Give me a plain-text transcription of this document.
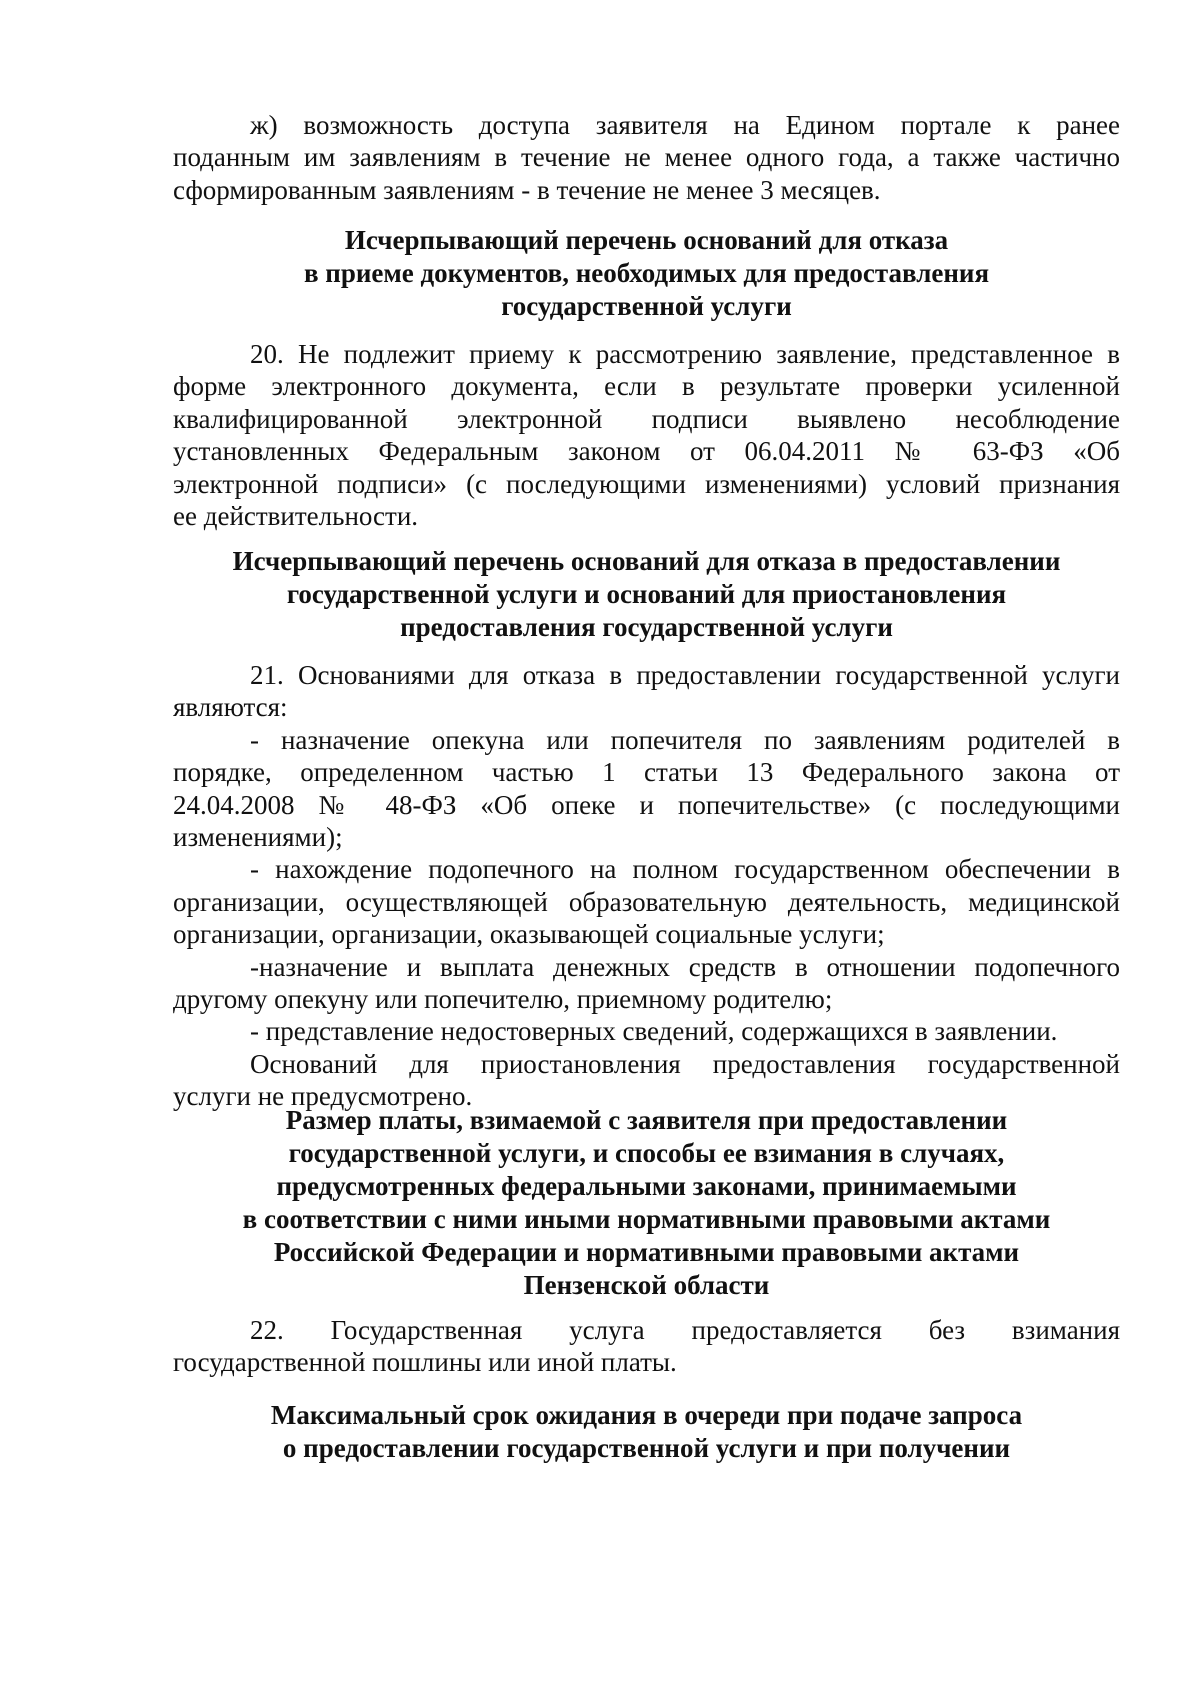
ж) возможность доступа заявителя на Едином портале к ранее
поданным им заявлениям в течение не менее одного года, а также частично
сформированным заявлениям - в течение не менее 3 месяцев.
Исчерпывающий перечень оснований для отказа
в приеме документов, необходимых для предоставления
государственной услуги
20. Не подлежит приему к рассмотрению заявление, представленное в
форме электронного документа, если в результате проверки усиленной
квалифицированной электронной подписи выявлено несоблюдение
установленных Федеральным законом от 06.04.2011 № 63-ФЗ «Об
электронной подписи» (с последующими изменениями) условий признания
ее действительности.
Исчерпывающий перечень оснований для отказа в предоставлении
государственной услуги и оснований для приостановления
предоставления государственной услуги
21. Основаниями для отказа в предоставлении государственной услуги
являются:
- назначение опекуна или попечителя по заявлениям родителей в
порядке, определенном частью 1 статьи 13 Федерального закона от
24.04.2008 № 48-ФЗ «Об опеке и попечительстве» (с последующими
изменениями);
- нахождение подопечного на полном государственном обеспечении в
организации, осуществляющей образовательную деятельность, медицинской
организации, организации, оказывающей социальные услуги;
-назначение и выплата денежных средств в отношении подопечного
другому опекуну или попечителю, приемному родителю;
- представление недостоверных сведений, содержащихся в заявлении.
Оснований для приостановления предоставления государственной
услуги не предусмотрено.
Размер платы, взимаемой с заявителя при предоставлении
государственной услуги, и способы ее взимания в случаях,
предусмотренных федеральными законами, принимаемыми
в соответствии с ними иными нормативными правовыми актами
Российской Федерации и нормативными правовыми актами
Пензенской области
22. Государственная услуга предоставляется без взимания
государственной пошлины или иной платы.
Максимальный срок ожидания в очереди при подаче запроса
о предоставлении государственной услуги и при получении
